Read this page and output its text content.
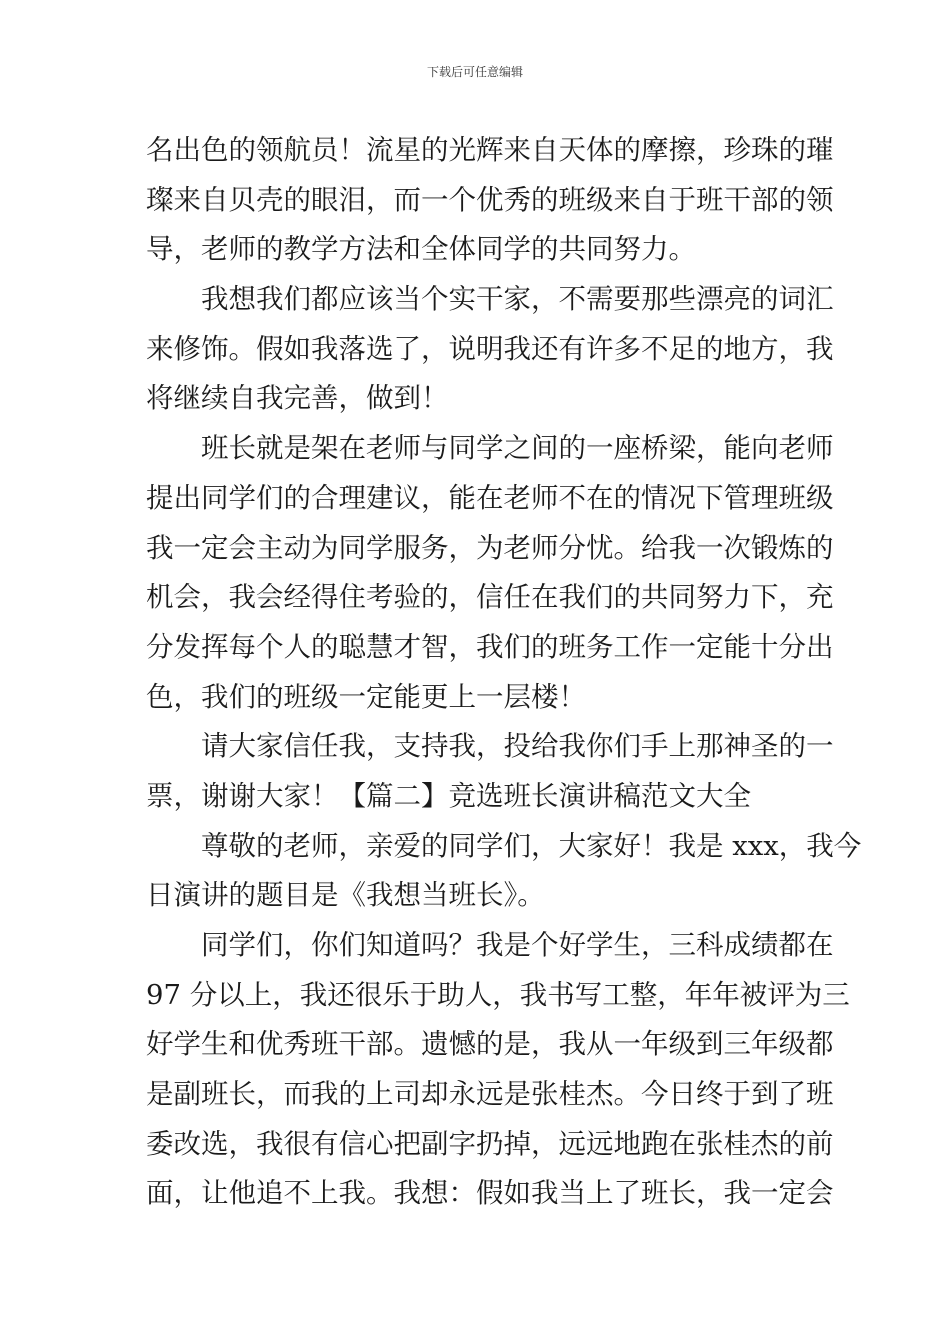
下载后可任意编辑
名出色的领航员！流星的光辉来自天体的摩擦，珍珠的璀
璨来自贝壳的眼泪，而一个优秀的班级来自于班干部的领
导，老师的教学方法和全体同学的共同努力。
我想我们都应该当个实干家，不需要那些漂亮的词汇
来修饰。假如我落选了，说明我还有许多不足的地方，我
将继续自我完善，做到！
班长就是架在老师与同学之间的一座桥梁，能向老师
提出同学们的合理建议，能在老师不在的情况下管理班级
我一定会主动为同学服务，为老师分忧。给我一次锻炼的
机会，我会经得住考验的，信任在我们的共同努力下，充
分发挥每个人的聪慧才智，我们的班务工作一定能十分出
色，我们的班级一定能更上一层楼！
请大家信任我，支持我，投给我你们手上那神圣的一
票，谢谢大家！【篇二】竞选班长演讲稿范文大全
尊敬的老师，亲爱的同学们，大家好！我是 xxx，我今
日演讲的题目是《我想当班长》。
同学们，你们知道吗？我是个好学生，三科成绩都在
97 分以上，我还很乐于助人，我书写工整，年年被评为三
好学生和优秀班干部。遗憾的是，我从一年级到三年级都
是副班长，而我的上司却永远是张桂杰。今日终于到了班
委改选，我很有信心把副字扔掉，远远地跑在张桂杰的前
面，让他追不上我。我想：假如我当上了班长，我一定会
